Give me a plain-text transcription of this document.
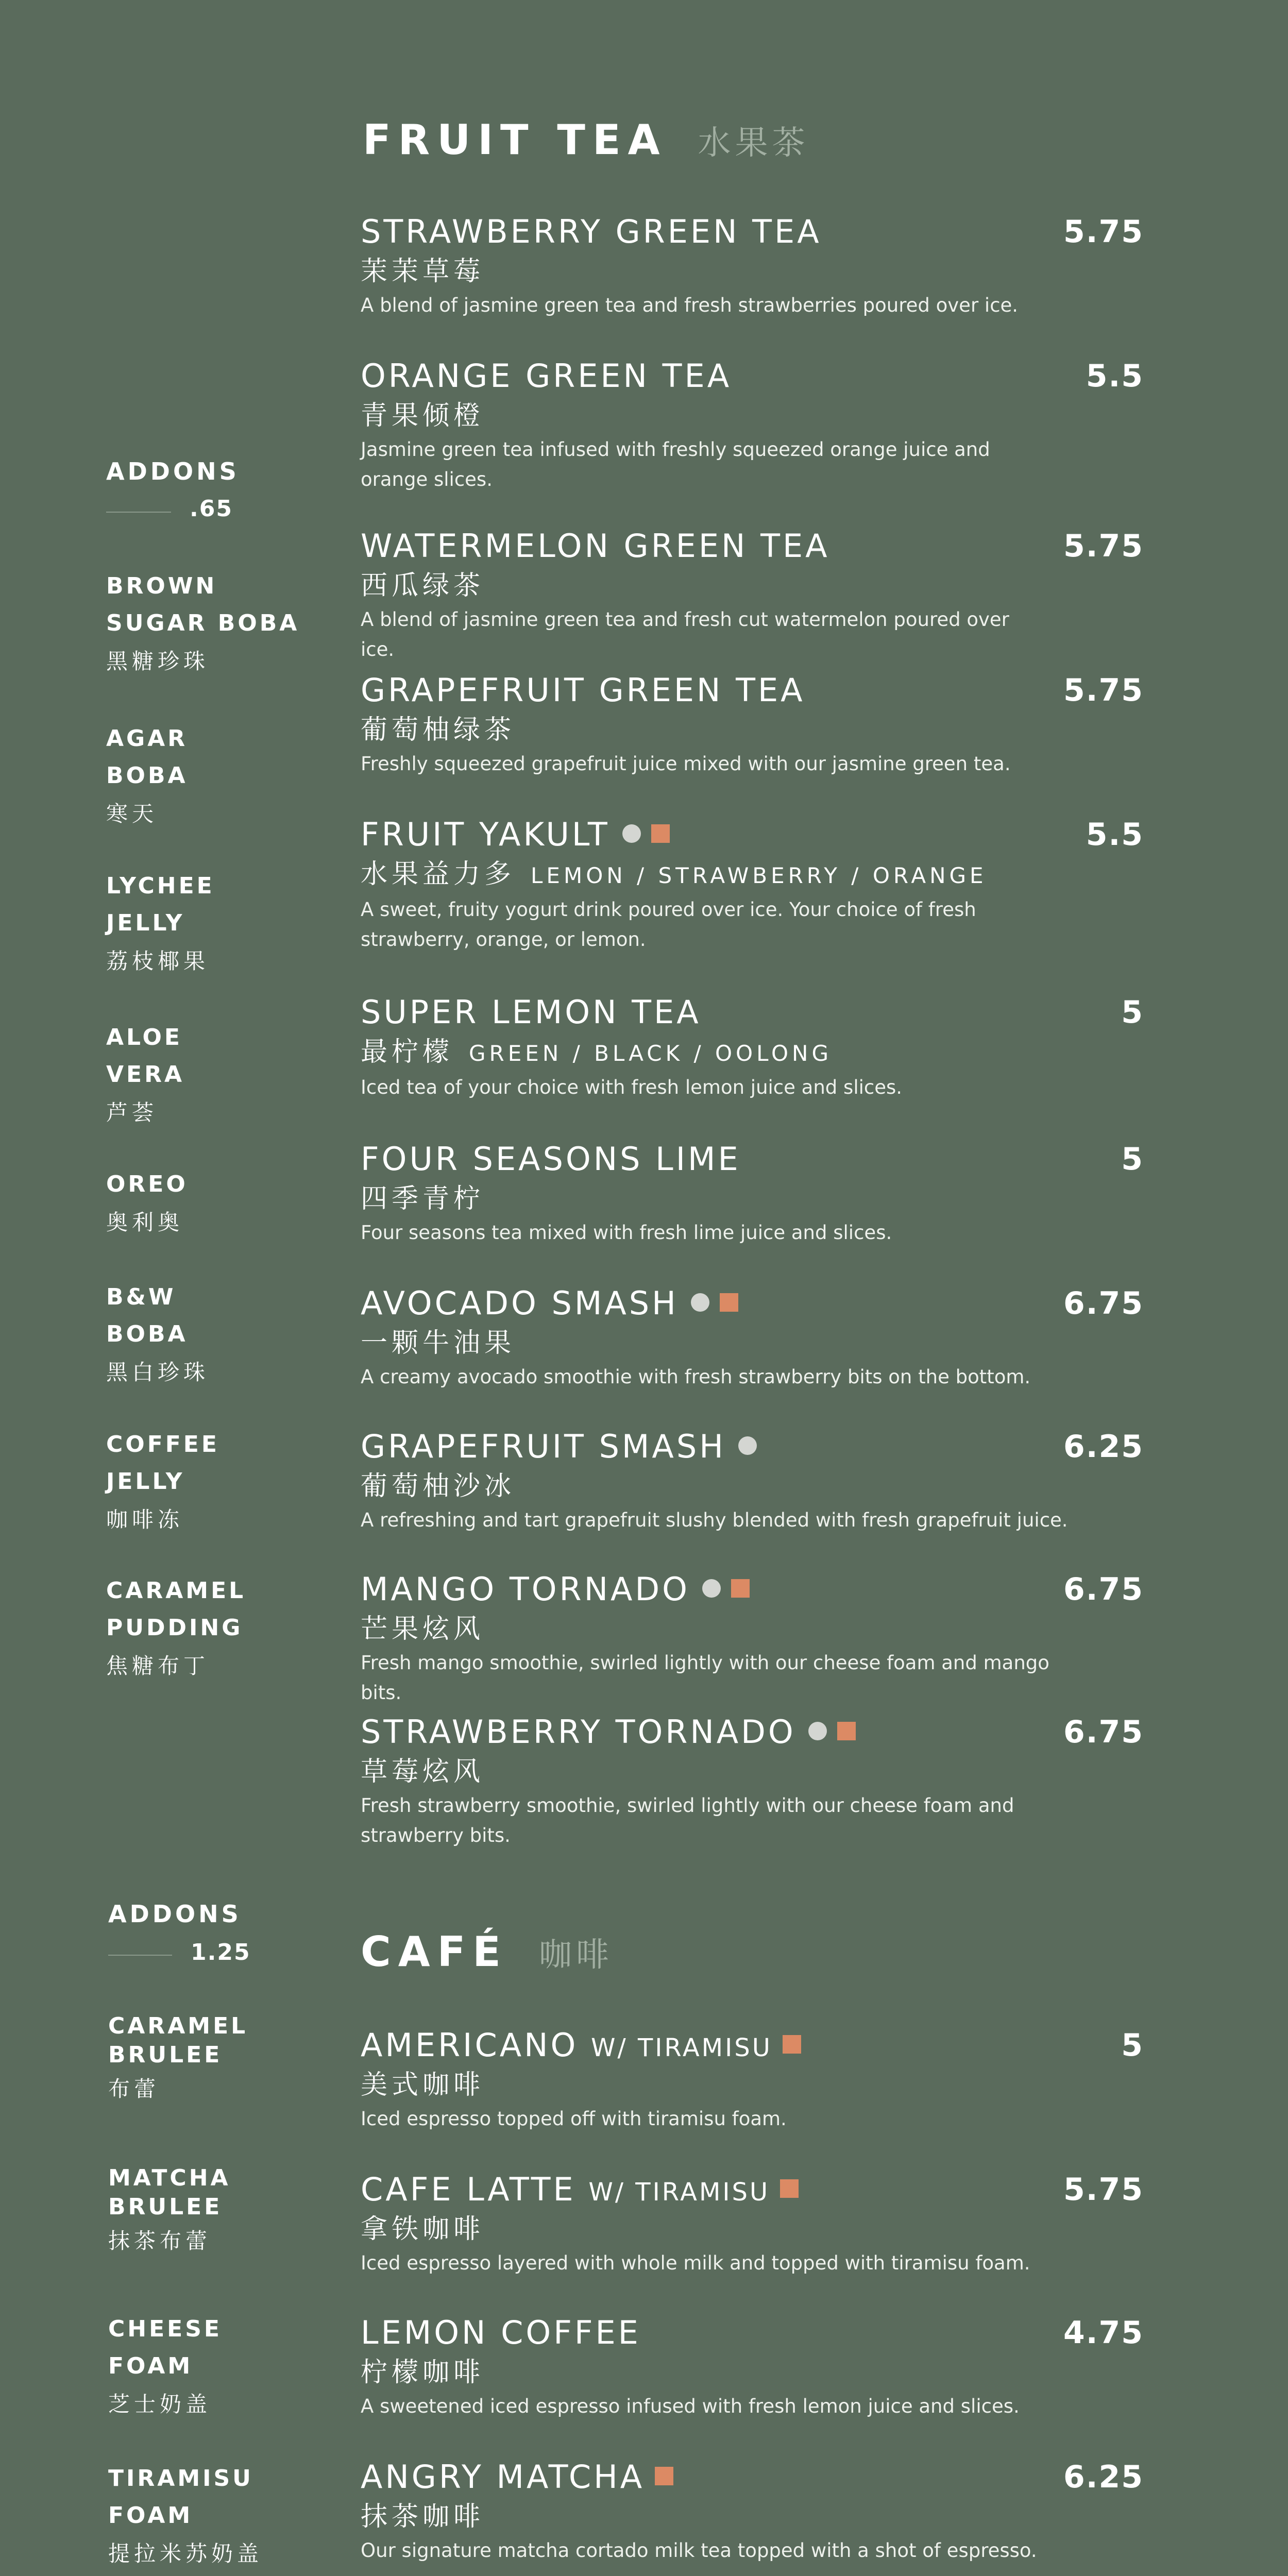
FRUIT TEA 水果茶
STRAWBERRY GREEN TEA	5.75
茉茉草莓
A blend of jasmine green tea and fresh strawberries poured over ice.
ORANGE GREEN TEA	5.5
青果倾橙
Jasmine green tea infused with freshly squeezed orange juice and orange slices.
WATERMELON GREEN TEA	5.75
西瓜绿茶
A blend of jasmine green tea and fresh cut watermelon poured over ice.
GRAPEFRUIT GREEN TEA	5.75
葡萄柚绿茶
Freshly squeezed grapefruit juice mixed with our jasmine green tea.
FRUIT YAKULT	5.5
水果益力多 LEMON / STRAWBERRY / ORANGE
A sweet, fruity yogurt drink poured over ice. Your choice of fresh strawberry, orange, or lemon.
SUPER LEMON TEA	5
最柠檬 GREEN / BLACK / OOLONG
Iced tea of your choice with fresh lemon juice and slices.
FOUR SEASONS LIME	5
四季青柠
Four seasons tea mixed with fresh lime juice and slices.
AVOCADO SMASH	6.75
一颗牛油果
A creamy avocado smoothie with fresh strawberry bits on the bottom.
GRAPEFRUIT SMASH	6.25
葡萄柚沙冰
A refreshing and tart grapefruit slushy blended with fresh grapefruit juice.
MANGO TORNADO	6.75
芒果炫风
Fresh mango smoothie, swirled lightly with our cheese foam and mango bits.
STRAWBERRY TORNADO	6.75
草莓炫风
Fresh strawberry smoothie, swirled lightly with our cheese foam and strawberry bits.
CAFÉ 咖啡
AMERICANO W/ TIRAMISU	5
美式咖啡
Iced espresso topped off with tiramisu foam.
CAFE LATTE W/ TIRAMISU	5.75
拿铁咖啡
Iced espresso layered with whole milk and topped with tiramisu foam.
LEMON COFFEE	4.75
柠檬咖啡
A sweetened iced espresso infused with fresh lemon juice and slices.
ANGRY MATCHA	6.25
抹茶咖啡
Our signature matcha cortado milk tea topped with a shot of espresso.
ADDONS
.65
BROWN
SUGAR BOBA
黑糖珍珠
AGAR
BOBA
寒天
LYCHEE
JELLY
荔枝椰果
ALOE
VERA
芦荟
OREO
奥利奥
B&W
BOBA
黑白珍珠
COFFEE
JELLY
咖啡冻
CARAMEL
PUDDING
焦糖布丁
ADDONS
1.25
CARAMEL
BRULEE
布蕾
MATCHA
BRULEE
抹茶布蕾
CHEESE
FOAM
芝士奶盖
TIRAMISU
FOAM
提拉米苏奶盖
